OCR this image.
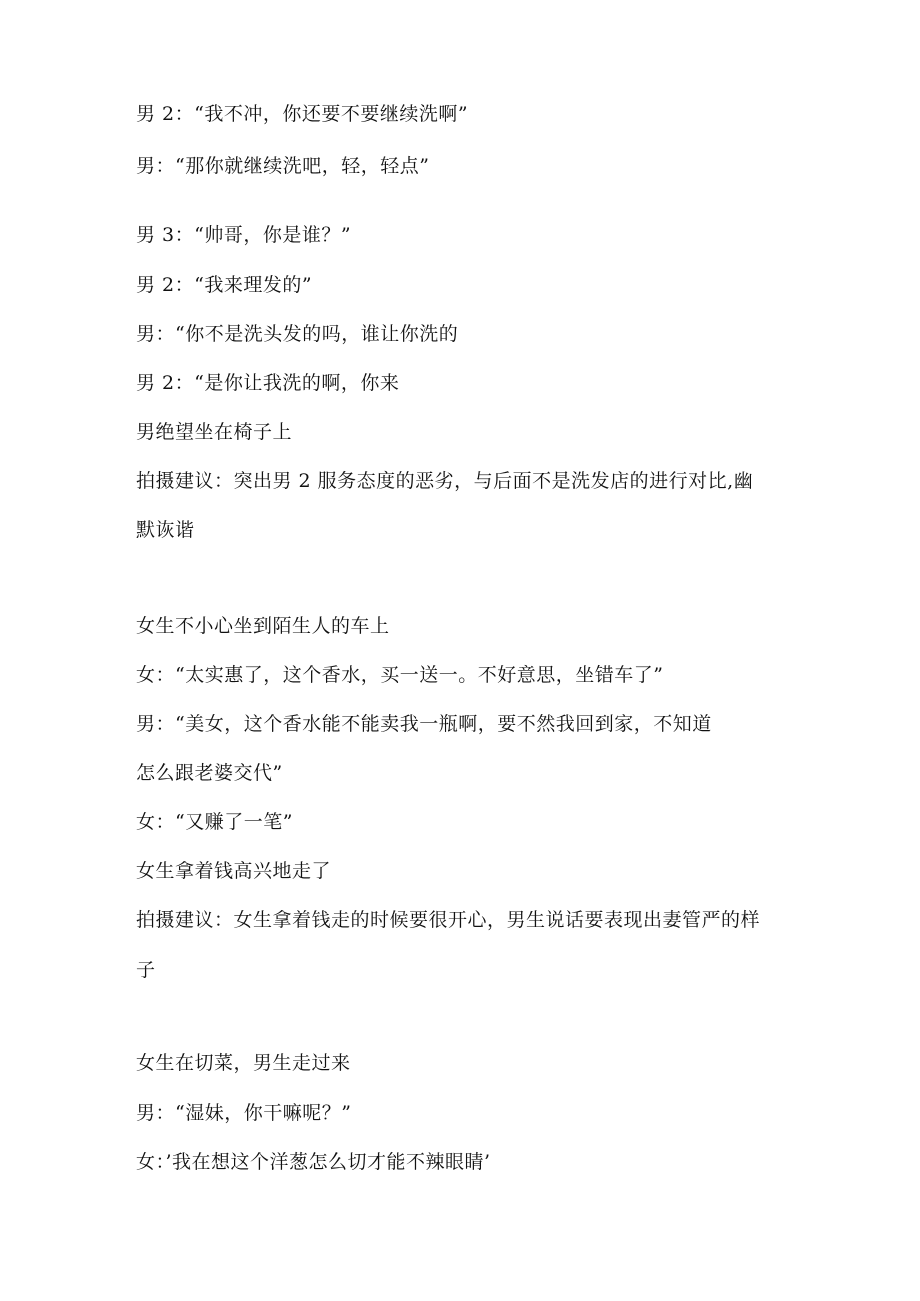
男 2：“我不冲，你还要不要继续洗啊”

男：“那你就继续洗吧，轻，轻点”

男 3：“帅哥，你是谁？”

男 2：“我来理发的”

男：“你不是洗头发的吗，谁让你洗的

男 2：“是你让我洗的啊，你来

男绝望坐在椅子上

拍摄建议：突出男 2 服务态度的恶劣，与后面不是洗发店的进行对比,幽

默诙谐

女生不小心坐到陌生人的车上

女：“太实惠了，这个香水，买一送一。不好意思，坐错车了”

男：“美女，这个香水能不能卖我一瓶啊，要不然我回到家，不知道

怎么跟老婆交代”

女：“又赚了一笔”

女生拿着钱高兴地走了

拍摄建议：女生拿着钱走的时候要很开心，男生说话要表现出妻管严的样

子

女生在切菜，男生走过来

男：“湿妹，你干嘛呢？”

女：’我在想这个洋葱怎么切才能不辣眼睛’
